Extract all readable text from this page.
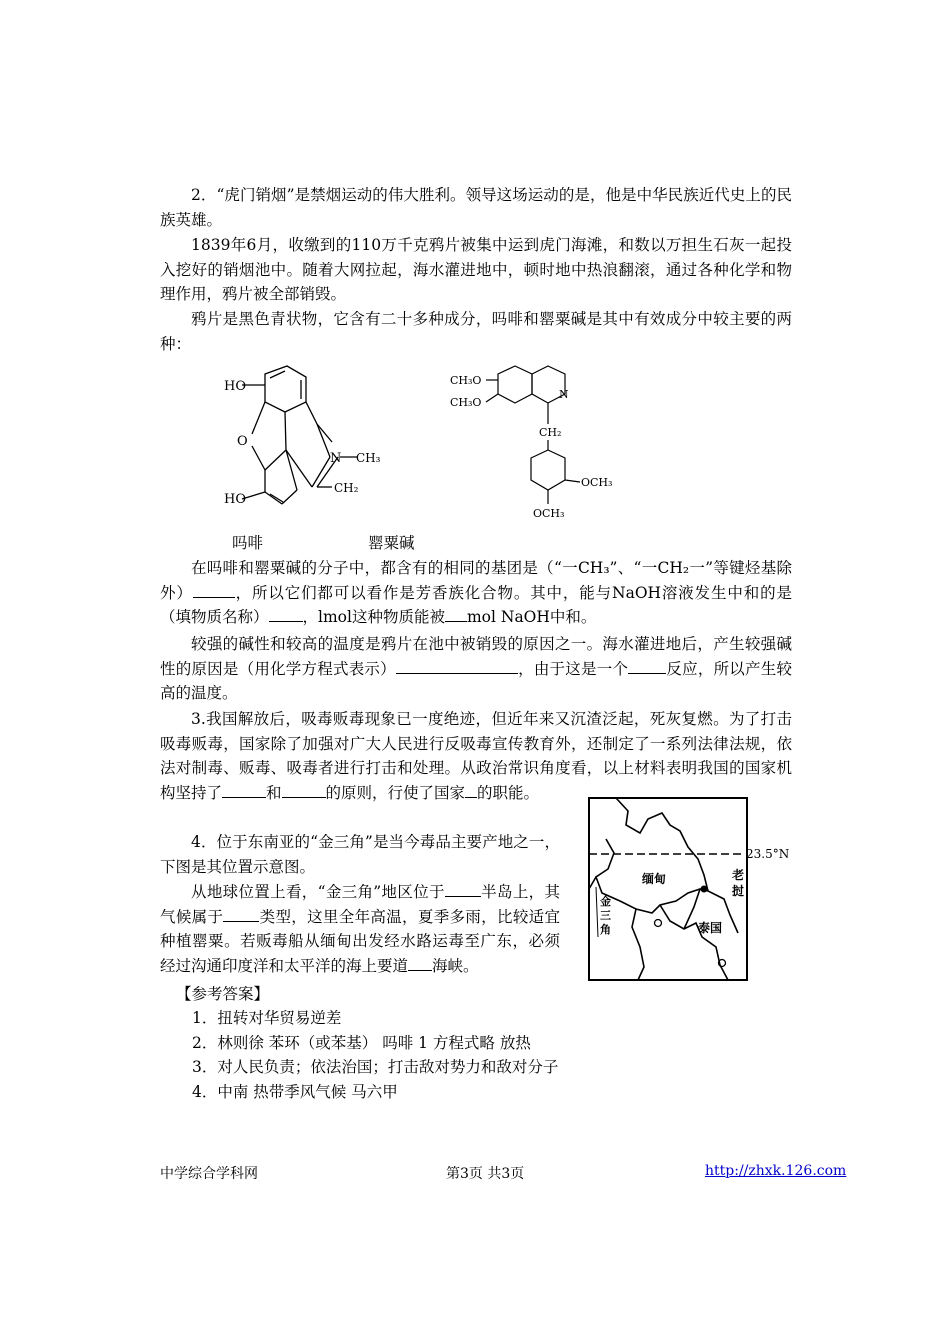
2．“虎门销烟”是禁烟运动的伟大胜利。领导这场运动的是，他是中华民族近代史上的民族英雄。

1839年6月，收缴到的110万千克鸦片被集中运到虎门海滩，和数以万担生石灰一起投入挖好的销烟池中。随着大网拉起，海水灌进地中，顿时地中热浪翻滚，通过各种化学和物理作用，鸦片被全部销毁。

鸦片是黑色青状物，它含有二十多种成分，吗啡和罂粟碱是其中有效成分中较主要的两种：

HO
O
N CH₃
CH₂
HO
CH₃O
CH₃O
N
CH₂
OCH₃
OCH₃
吗啡	罂粟碱

在吗啡和罂粟碱的分子中，都含有的相同的基团是（“一CH₃”、“一CH₂一”等键烃基除外）	，所以它们都可以看作是芳香族化合物。其中，能与NaOH溶液发生中和的是（填物质名称） ，lmol这种物质能被 mol NaOH中和。

较强的碱性和较高的温度是鸦片在池中被销毁的原因之一。海水灌进地后，产生较强碱性的原因是（用化学方程式表示）	，由于这是一个 反应，所以产生较高的温度。

3.我国解放后，吸毒贩毒现象已一度绝迹，但近年来又沉渣泛起，死灰复燃。为了打击吸毒贩毒，国家除了加强对广大人民进行反吸毒宣传教育外，还制定了一系列法律法规，依法对制毒、贩毒、吸毒者进行打击和处理。从政治常识角度看，以上材料表明我国的国家机构坚持了	和	的原则，行使了国家 的职能。

4．位于东南亚的“金三角”是当今毒品主要产地之一，下图是其位置示意图。

从地球位置上看，“金三角”地区位于 半岛上，其气候属于 类型，这里全年高温，夏季多雨，比较适宜种植罂粟。若贩毒船从缅甸出发经水路运毒至广东，必须经过沟通印度洋和太平洋的海上要道 海峡。

23.5°N
缅甸	老
挝
泰国
金
三
角
【参考答案】
1．扭转对华贸易逆差
2．林则徐 苯环（或苯基） 吗啡 1 方程式略 放热
3．对人民负责；依法治国；打击敌对势力和敌对分子
4．中南 热带季风气候 马六甲
中学综合学科网	第3页 共3页	http://zhxk.126.com
